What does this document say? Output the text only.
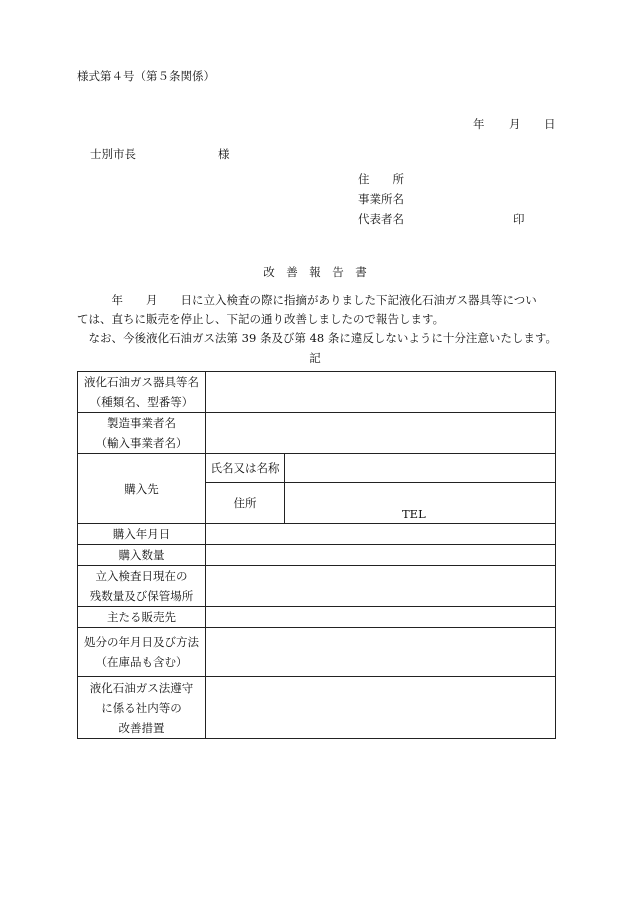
様式第４号（第５条関係）
年 月 日
士別市長	様
住　　所
事業所名
代表者名	印
改　善　報　告　書
　　　年　　月　　日に立入検査の際に指摘がありました下記液化石油ガス器具等につい
ては、直ちに販売を停止し、下記の通り改善しましたので報告します。
　なお、今後液化石油ガス法第 39 条及び第 48 条に違反しないように十分注意いたします。
記
液化石油ガス器具等名
（種類名、型番等）		

製造事業者名
（輸入事業者名）		

購入先	氏名又は名称	
	住所	TEL

購入年月日		
購入数量		

立入検査日現在の
残数量及び保管場所		

主たる販売先		

処分の年月日及び方法
（在庫品も含む）		

液化石油ガス法遵守
に係る社内等の
改善措置		
